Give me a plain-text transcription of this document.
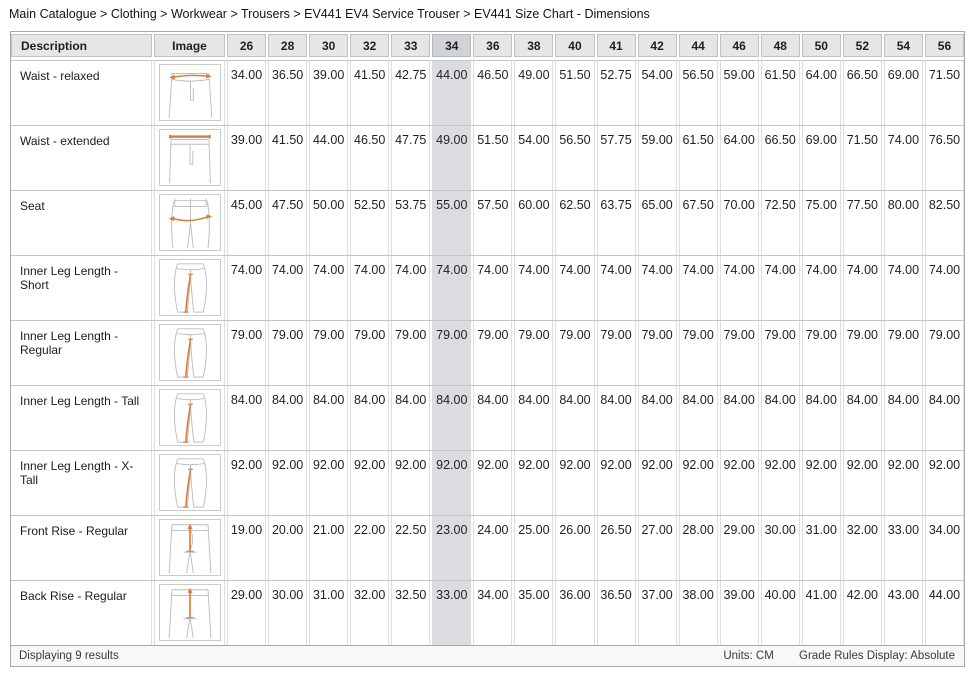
Main Catalogue > Clothing > Workwear > Trousers > EV441 EV4 Service Trouser > EV441 Size Chart - Dimensions
Description	Image	26	28	30	32	33	34	36	38	40	41	42	44	46	48	50	52	54	56
Waist - relaxed	34.00 36.50 39.00 41.50 42.75 44.00 46.50 49.00 51.50 52.75 54.00 56.50 59.00 61.50 64.00 66.50 69.00 71.50
Waist - extended	39.00 41.50 44.00 46.50 47.75 49.00 51.50 54.00 56.50 57.75 59.00 61.50 64.00 66.50 69.00 71.50 74.00 76.50
Seat	45.00 47.50 50.00 52.50 53.75 55.00 57.50 60.00 62.50 63.75 65.00 67.50 70.00 72.50 75.00 77.50 80.00 82.50
Inner Leg Length - Short
74.00 74.00 74.00 74.00 74.00 74.00 74.00 74.00 74.00 74.00 74.00 74.00 74.00 74.00 74.00 74.00 74.00 74.00
Inner Leg Length - Regular
79.00 79.00 79.00 79.00 79.00 79.00 79.00 79.00 79.00 79.00 79.00 79.00 79.00 79.00 79.00 79.00 79.00 79.00
Inner Leg Length - Tall	84.00 84.00 84.00 84.00 84.00 84.00 84.00 84.00 84.00 84.00 84.00 84.00 84.00 84.00 84.00 84.00 84.00 84.00
Inner Leg Length - X-Tall
92.00 92.00 92.00 92.00 92.00 92.00 92.00 92.00 92.00 92.00 92.00 92.00 92.00 92.00 92.00 92.00 92.00 92.00
Front Rise - Regular	19.00 20.00 21.00 22.00 22.50 23.00 24.00 25.00 26.00 26.50 27.00 28.00 29.00 30.00 31.00 32.00 33.00 34.00
Back Rise - Regular	29.00 30.00 31.00 32.00 32.50 33.00 34.00 35.00 36.00 36.50 37.00 38.00 39.00 40.00 41.00 42.00 43.00 44.00
Displaying 9 results	Units: CM Grade Rules Display: Absolute
